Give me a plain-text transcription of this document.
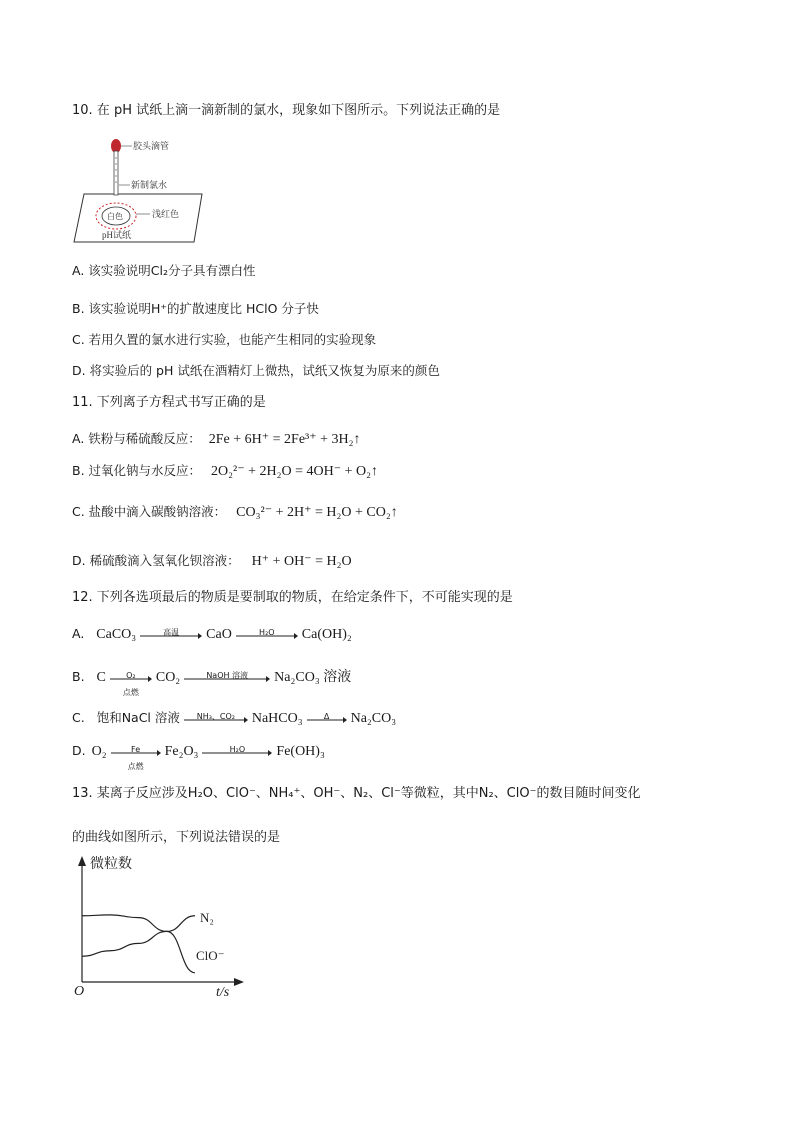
10. 在 pH 试纸上滴一滴新制的氯水，现象如下图所示。下列说法正确的是
胶头滴管
新制氯水
白色	浅红色
pH试纸
A. 该实验说明Cl₂分子具有漂白性
B. 该实验说明H⁺的扩散速度比 HClO 分子快
C. 若用久置的氯水进行实验，也能产生相同的实验现象
D. 将实验后的 pH 试纸在酒精灯上微热，试纸又恢复为原来的颜色
11. 下列离子方程式书写正确的是
A. 铁粉与稀硫酸反应： 2Fe + 6H⁺ = 2Fe³⁺ + 3H₂↑
B. 过氧化钠与水反应： 2O₂²⁻ + 2H₂O = 4OH⁻ + O₂↑
C. 盐酸中滴入碳酸钠溶液： CO₃²⁻ + 2H⁺ = H₂O + CO₂↑
D. 稀硫酸滴入氢氧化钡溶液： H⁺ + OH⁻ = H₂O
12. 下列各选项最后的物质是要制取的物质，在给定条件下，不可能实现的是
A. CaCO₃	高温	CaO	H₂O	Ca(OH)₂
B. C	O₂
点燃
CO₂	NaOH 溶液	Na₂CO₃ 溶液
C. 饱和NaCl 溶液	NH₃、CO₂	NaHCO₃	Δ	Na₂CO₃
D. O₂	Fe
点燃
Fe₂O₃	H₂O	Fe(OH)₃
13. 某离子反应涉及H₂O、ClO⁻、NH₄⁺、OH⁻、N₂、Cl⁻等微粒，其中N₂、ClO⁻的数目随时间变化
的曲线如图所示，下列说法错误的是
微粒数
O	t/s
N₂
ClO⁻
